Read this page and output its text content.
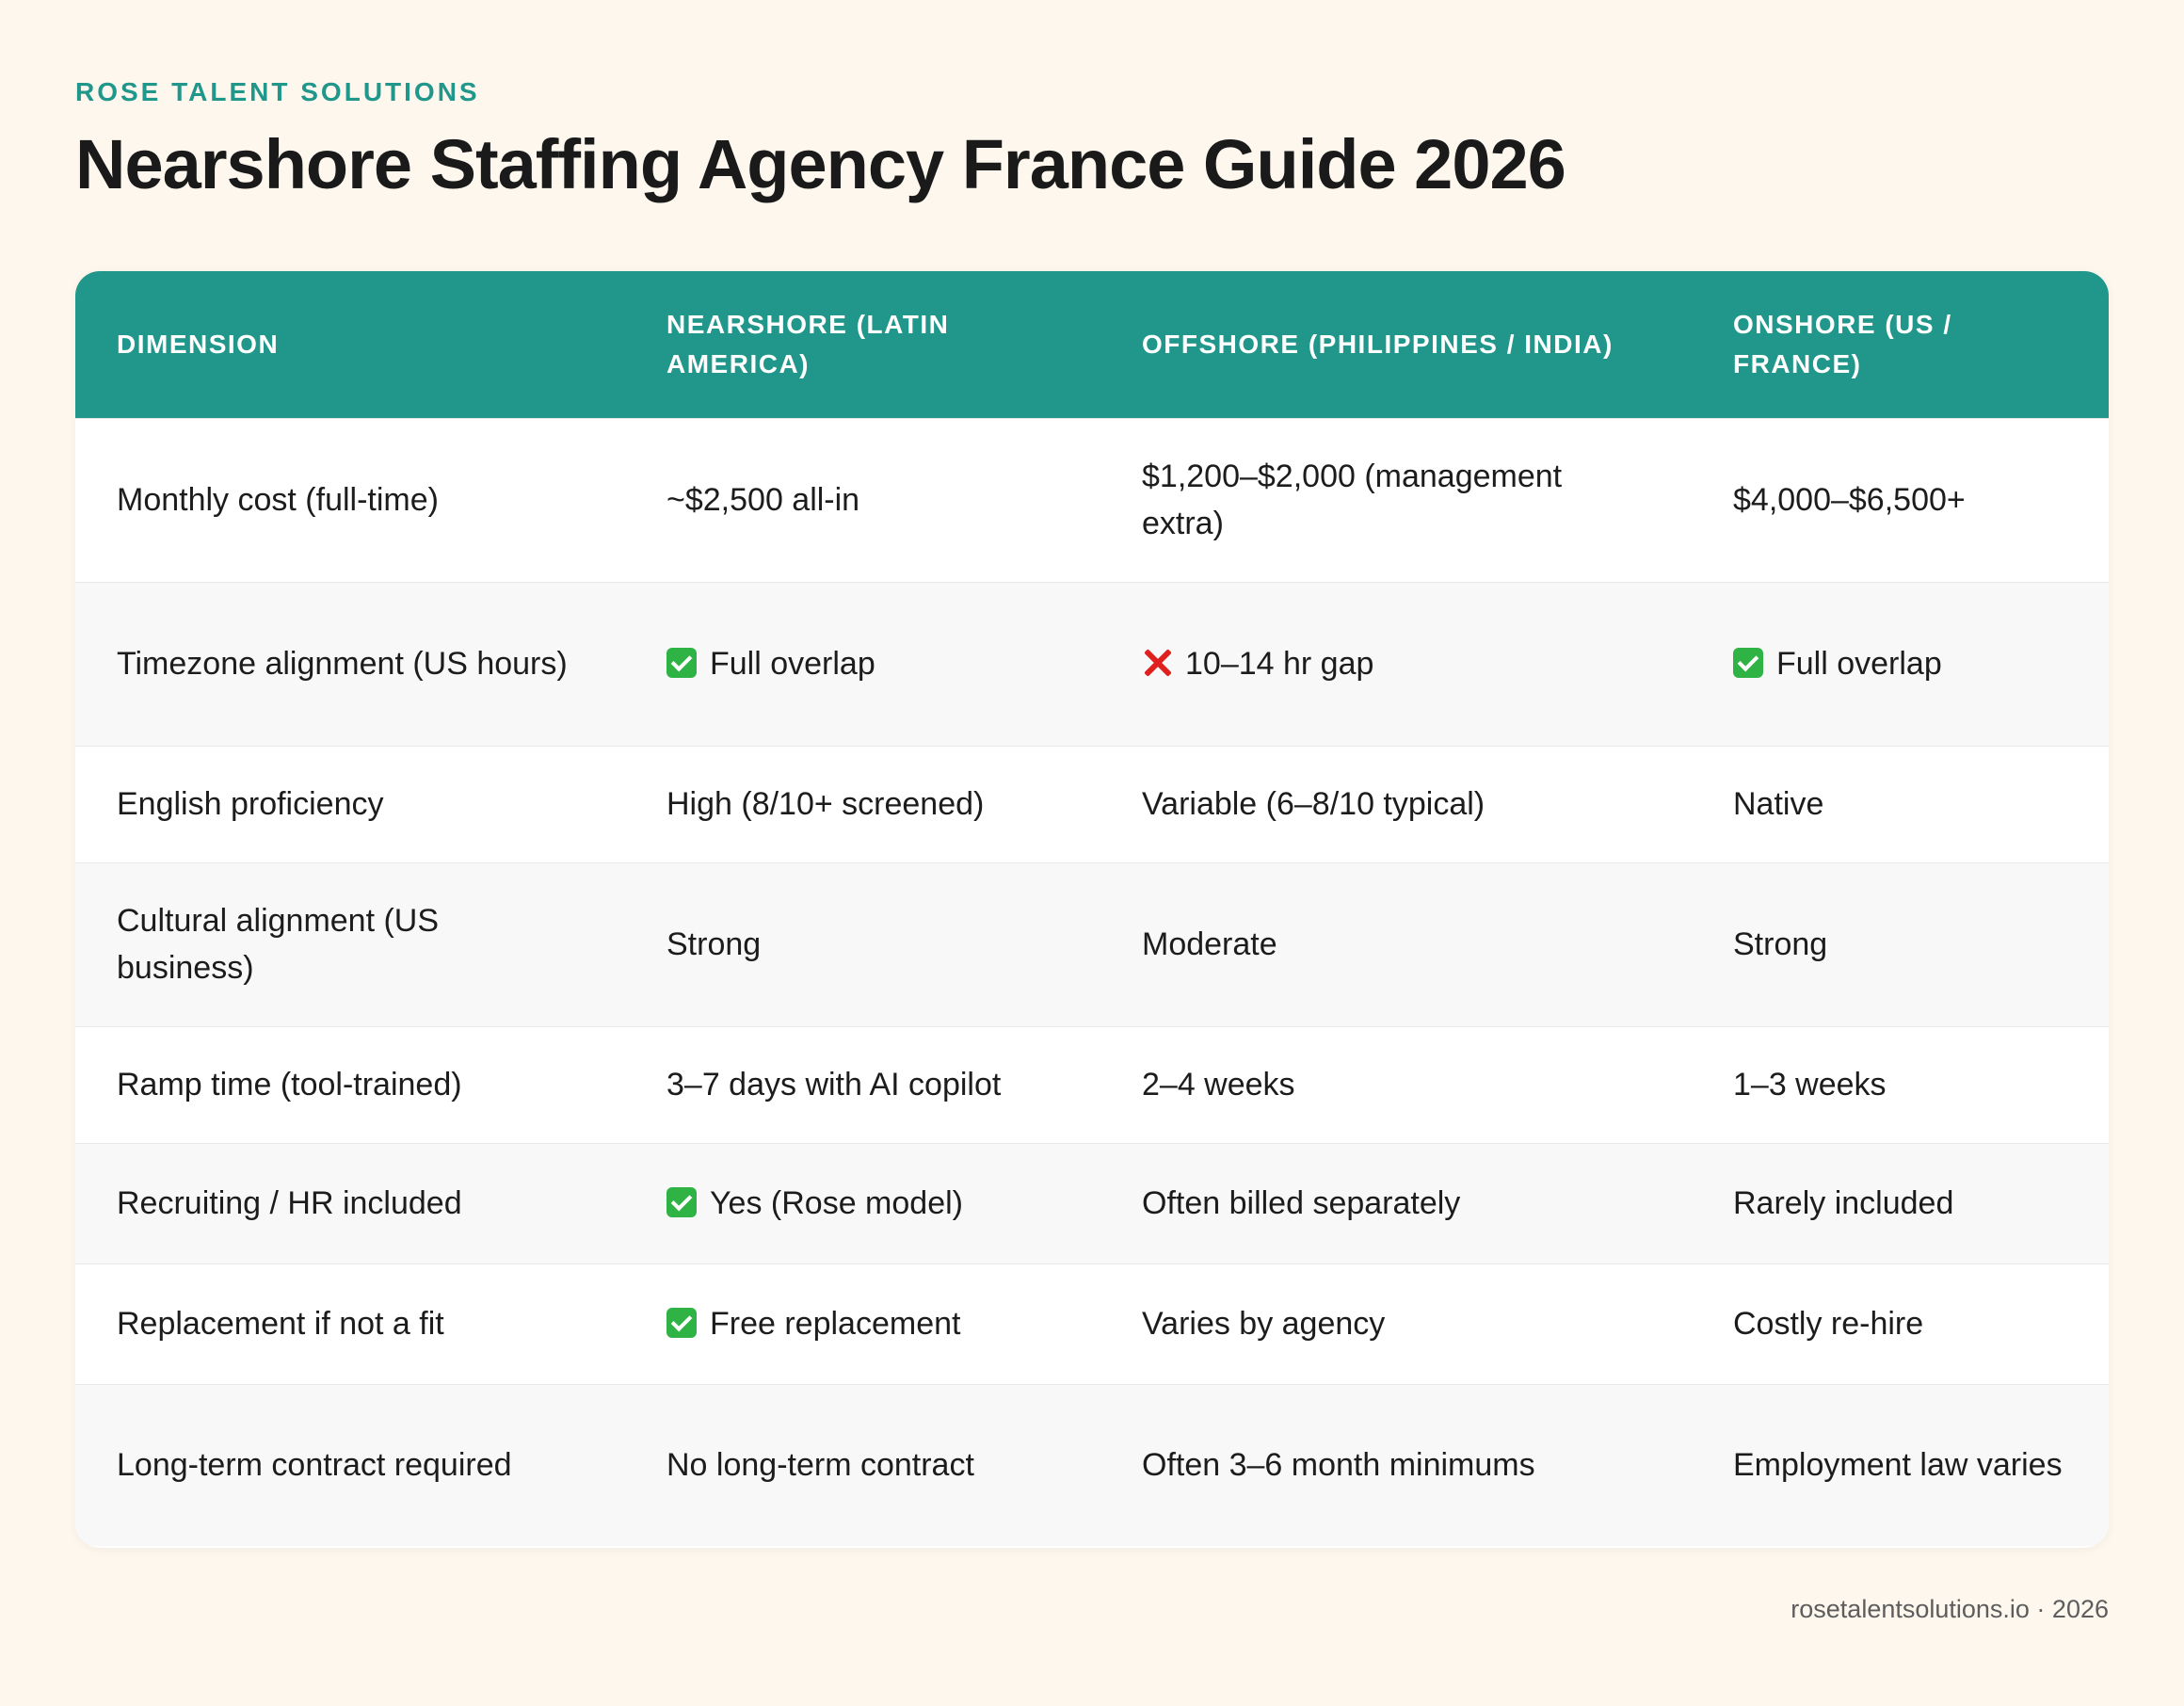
ROSE TALENT SOLUTIONS
Nearshore Staffing Agency France Guide 2026
DIMENSION	NEARSHORE (LATIN AMERICA)	OFFSHORE (PHILIPPINES / INDIA)	ONSHORE (US / FRANCE)
Monthly cost (full-time)	~$2,500 all-in	$1,200–$2,000 (management extra)	$4,000–$6,500+
Timezone alignment (US hours)	Full overlap	10–14 hr gap	Full overlap
English proficiency	High (8/10+ screened)	Variable (6–8/10 typical)	Native
Cultural alignment (US business)	Strong	Moderate	Strong
Ramp time (tool-trained)	3–7 days with AI copilot	2–4 weeks	1–3 weeks
Recruiting / HR included	Yes (Rose model)	Often billed separately	Rarely included
Replacement if not a fit	Free replacement	Varies by agency	Costly re-hire
Long-term contract required	No long-term contract	Often 3–6 month minimums	Employment law varies
rosetalentsolutions.io · 2026
